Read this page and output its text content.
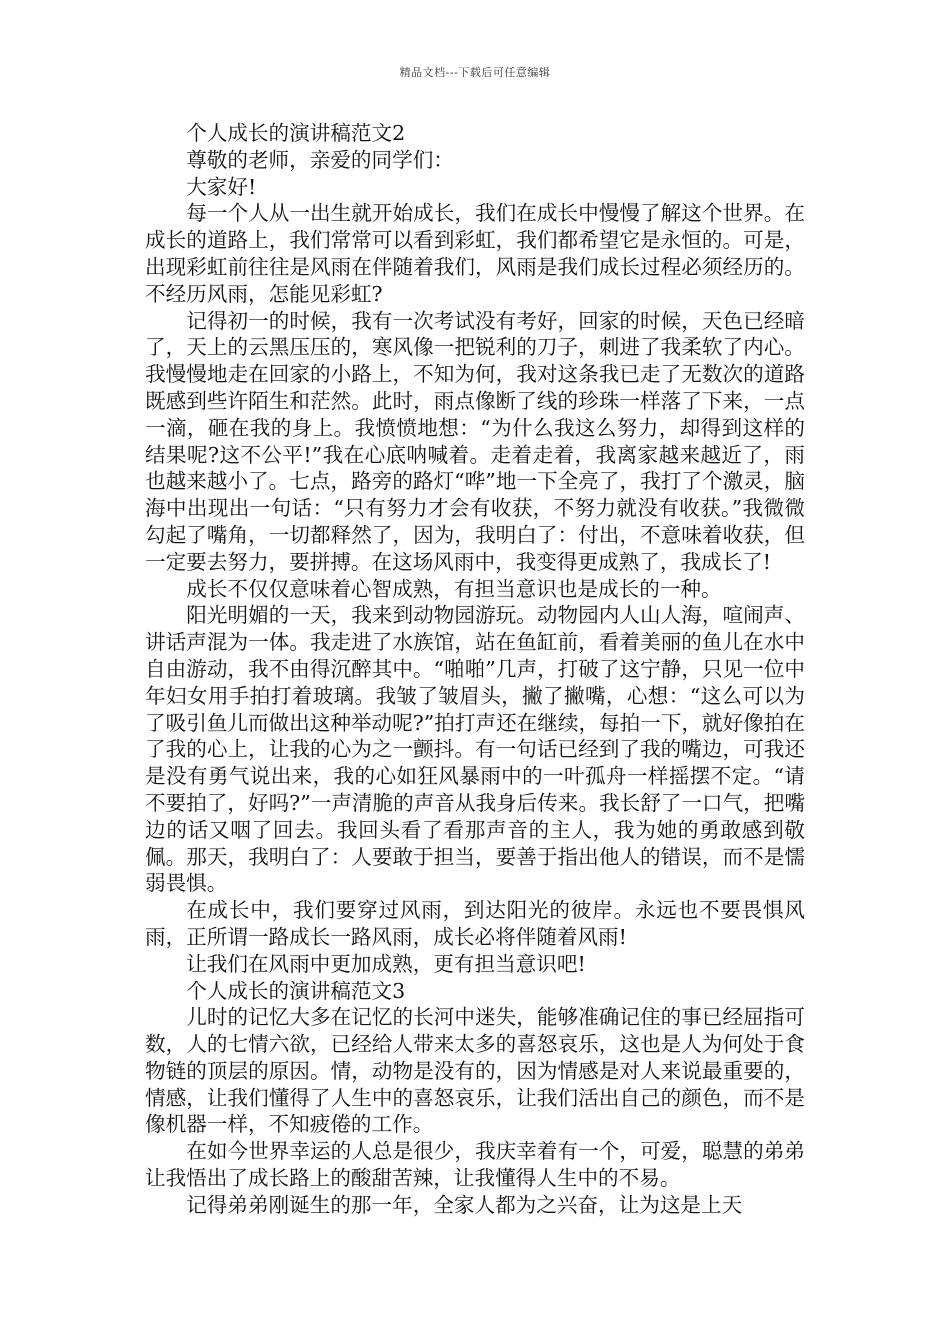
精品文档---下载后可任意编辑

个人成长的演讲稿范文2

尊敬的老师，亲爱的同学们：

大家好!

每一个人从一出生就开始成长，我们在成长中慢慢了解这个世界。在成长的道路上，我们常常可以看到彩虹，我们都希望它是永恒的。可是，出现彩虹前往往是风雨在伴随着我们，风雨是我们成长过程必须经历的。不经历风雨，怎能见彩虹?

记得初一的时候，我有一次考试没有考好，回家的时候，天色已经暗了，天上的云黑压压的，寒风像一把锐利的刀子，刺进了我柔软了内心。我慢慢地走在回家的小路上，不知为何，我对这条我已走了无数次的道路既感到些许陌生和茫然。此时，雨点像断了线的珍珠一样落了下来，一点一滴，砸在我的身上。我愤愤地想：“为什么我这么努力，却得到这样的结果呢?这不公平!”我在心底呐喊着。走着走着，我离家越来越近了，雨也越来越小了。七点，路旁的路灯“哗”地一下全亮了，我打了个激灵，脑海中出现出一句话：“只有努力才会有收获，不努力就没有收获。”我微微勾起了嘴角，一切都释然了，因为，我明白了：付出，不意味着收获，但一定要去努力，要拼搏。在这场风雨中，我变得更成熟了，我成长了!

成长不仅仅意味着心智成熟，有担当意识也是成长的一种。

阳光明媚的一天，我来到动物园游玩。动物园内人山人海，喧闹声、讲话声混为一体。我走进了水族馆，站在鱼缸前，看着美丽的鱼儿在水中自由游动，我不由得沉醉其中。“啪啪”几声，打破了这宁静，只见一位中年妇女用手拍打着玻璃。我皱了皱眉头，撇了撇嘴，心想：“这么可以为了吸引鱼儿而做出这种举动呢?”拍打声还在继续，每拍一下，就好像拍在了我的心上，让我的心为之一颤抖。有一句话已经到了我的嘴边，可我还是没有勇气说出来，我的心如狂风暴雨中的一叶孤舟一样摇摆不定。“请不要拍了，好吗?”一声清脆的声音从我身后传来。我长舒了一口气，把嘴边的话又咽了回去。我回头看了看那声音的主人，我为她的勇敢感到敬佩。那天，我明白了：人要敢于担当，要善于指出他人的错误，而不是懦弱畏惧。

在成长中，我们要穿过风雨，到达阳光的彼岸。永远也不要畏惧风雨，正所谓一路成长一路风雨，成长必将伴随着风雨!

让我们在风雨中更加成熟，更有担当意识吧!

个人成长的演讲稿范文3

儿时的记忆大多在记忆的长河中迷失，能够准确记住的事已经屈指可数，人的七情六欲，已经给人带来太多的喜怒哀乐，这也是人为何处于食物链的顶层的原因。情，动物是没有的，因为情感是对人来说最重要的，情感，让我们懂得了人生中的喜怒哀乐，让我们活出自己的颜色，而不是像机器一样，不知疲倦的工作。

在如今世界幸运的人总是很少，我庆幸着有一个，可爱，聪慧的弟弟让我悟出了成长路上的酸甜苦辣，让我懂得人生中的不易。

记得弟弟刚诞生的那一年，全家人都为之兴奋，让为这是上天
